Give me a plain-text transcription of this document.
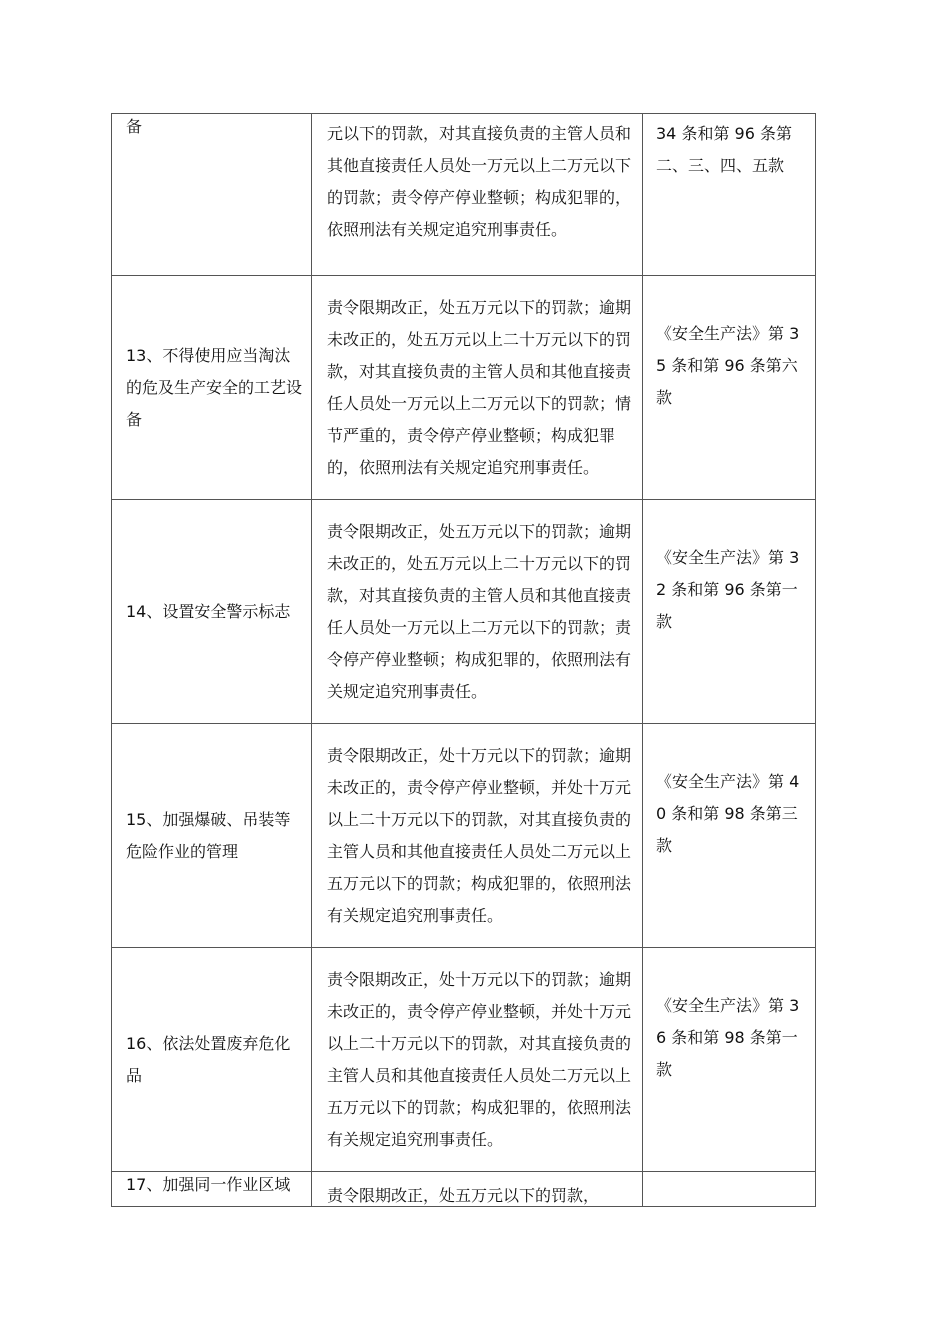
备	元以下的罚款，对其直接负责的主管人员和其他直接责任人员处一万元以上二万元以下的罚款；责令停产停业整顿；构成犯罪的，依照刑法有关规定追究刑事责任。	34 条和第 96 条第二、三、四、五款

13、不得使用应当淘汰的危及生产安全的工艺设备	责令限期改正，处五万元以下的罚款；逾期未改正的，处五万元以上二十万元以下的罚款，对其直接负责的主管人员和其他直接责任人员处一万元以上二万元以下的罚款；情节严重的，责令停产停业整顿；构成犯罪的，依照刑法有关规定追究刑事责任。	《安全生产法》第 35 条和第 96 条第六款

14、设置安全警示标志	责令限期改正，处五万元以下的罚款；逾期未改正的，处五万元以上二十万元以下的罚款，对其直接负责的主管人员和其他直接责任人员处一万元以上二万元以下的罚款；责令停产停业整顿；构成犯罪的，依照刑法有关规定追究刑事责任。	《安全生产法》第 32 条和第 96 条第一款

15、加强爆破、吊装等危险作业的管理	责令限期改正，处十万元以下的罚款；逾期未改正的，责令停产停业整顿，并处十万元以上二十万元以下的罚款，对其直接负责的主管人员和其他直接责任人员处二万元以上五万元以下的罚款；构成犯罪的，依照刑法有关规定追究刑事责任。	《安全生产法》第 40 条和第 98 条第三款

16、依法处置废弃危化品	责令限期改正，处十万元以下的罚款；逾期未改正的，责令停产停业整顿，并处十万元以上二十万元以下的罚款，对其直接负责的主管人员和其他直接责任人员处二万元以上五万元以下的罚款；构成犯罪的，依照刑法有关规定追究刑事责任。	《安全生产法》第 36 条和第 98 条第一款

17、加强同一作业区域	责令限期改正，处五万元以下的罚款，	
